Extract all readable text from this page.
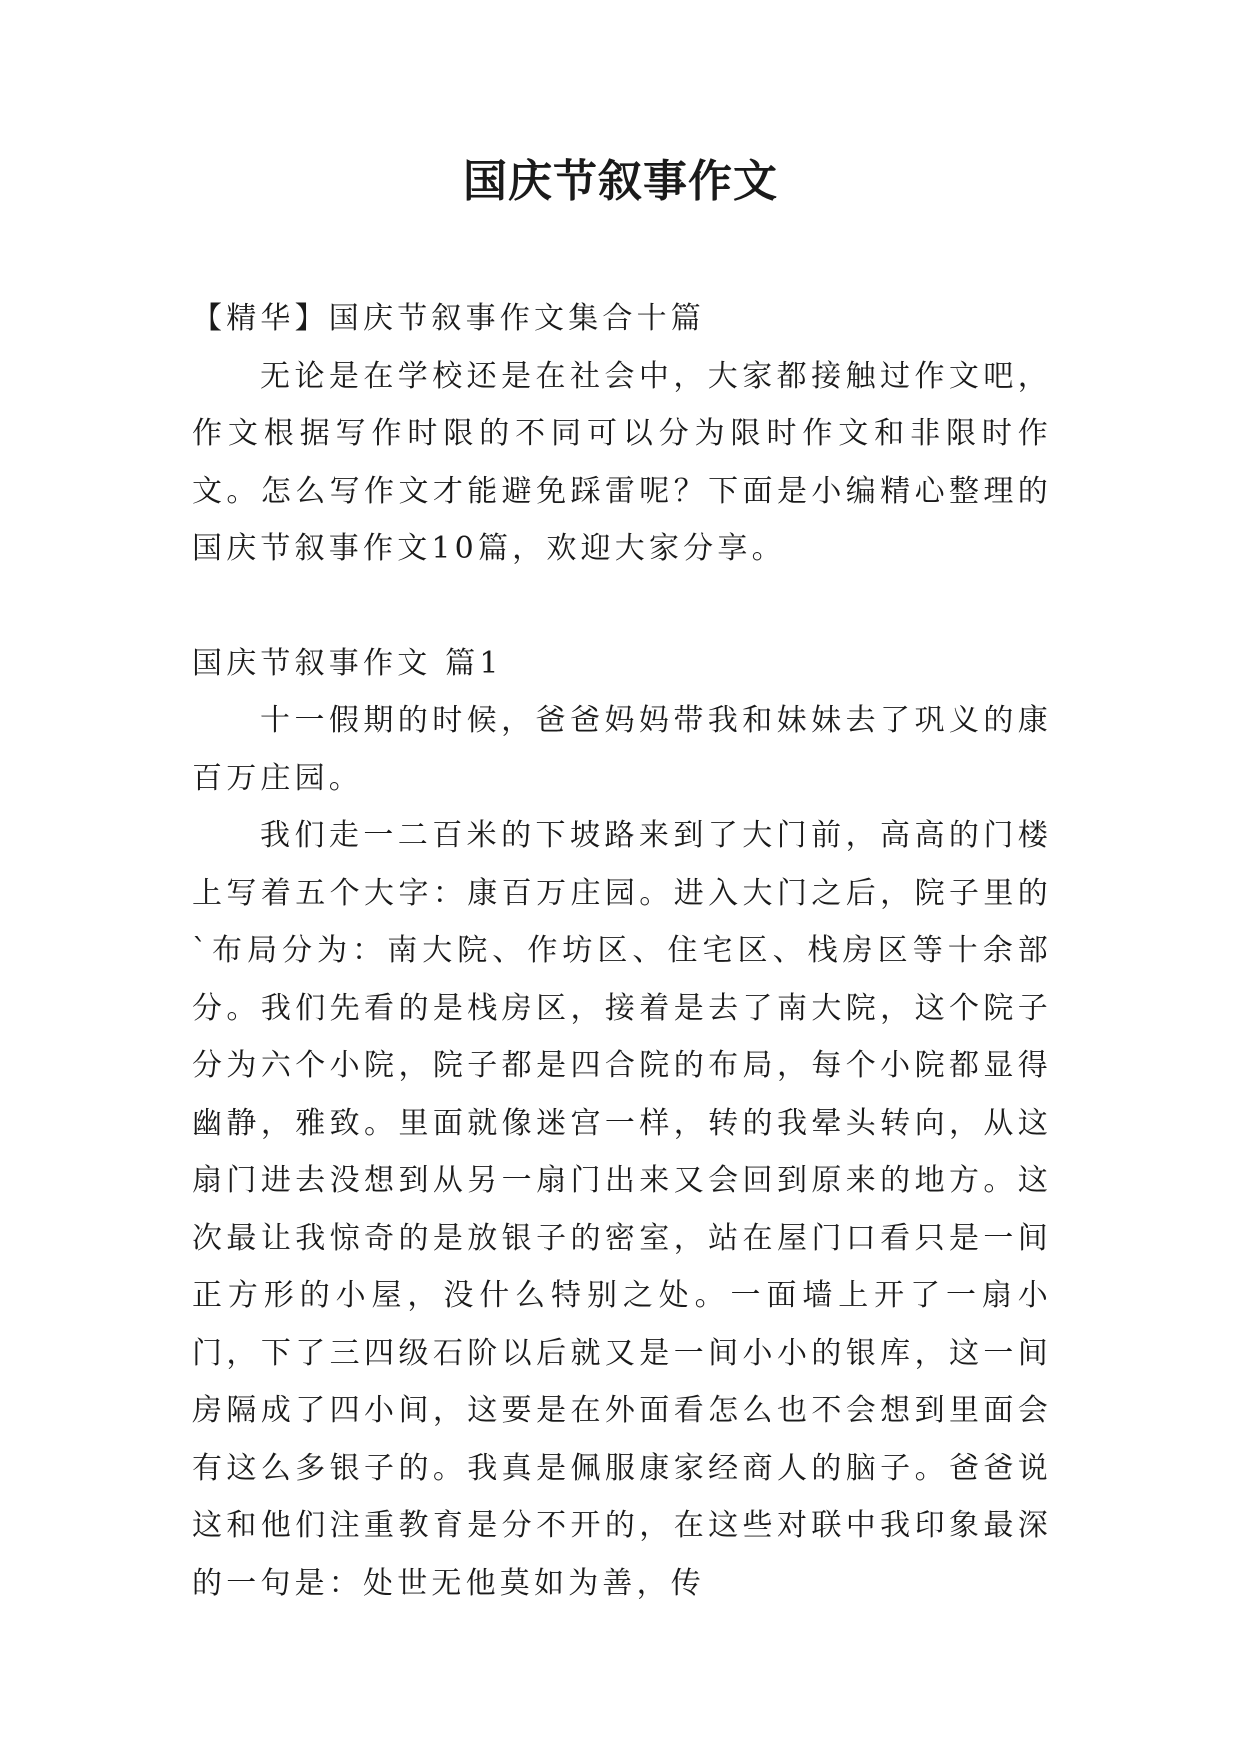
国庆节叙事作文

【精华】国庆节叙事作文集合十篇

无论是在学校还是在社会中，大家都接触过作文吧，作文根据写作时限的不同可以分为限时作文和非限时作文。怎么写作文才能避免踩雷呢？下面是小编精心整理的国庆节叙事作文10篇，欢迎大家分享。

国庆节叙事作文 篇1

十一假期的时候，爸爸妈妈带我和妹妹去了巩义的康百万庄园。

我们走一二百米的下坡路来到了大门前，高高的门楼上写着五个大字：康百万庄园。进入大门之后，院子里的`布局分为：南大院、作坊区、住宅区、栈房区等十余部分。我们先看的是栈房区，接着是去了南大院，这个院子分为六个小院，院子都是四合院的布局，每个小院都显得幽静，雅致。里面就像迷宫一样，转的我晕头转向，从这扇门进去没想到从另一扇门出来又会回到原来的地方。这次最让我惊奇的是放银子的密室，站在屋门口看只是一间正方形的小屋，没什么特别之处。一面墙上开了一扇小门，下了三四级石阶以后就又是一间小小的银库，这一间房隔成了四小间，这要是在外面看怎么也不会想到里面会有这么多银子的。我真是佩服康家经商人的脑子。爸爸说这和他们注重教育是分不开的，在这些对联中我印象最深的一句是：处世无他莫如为善，传
